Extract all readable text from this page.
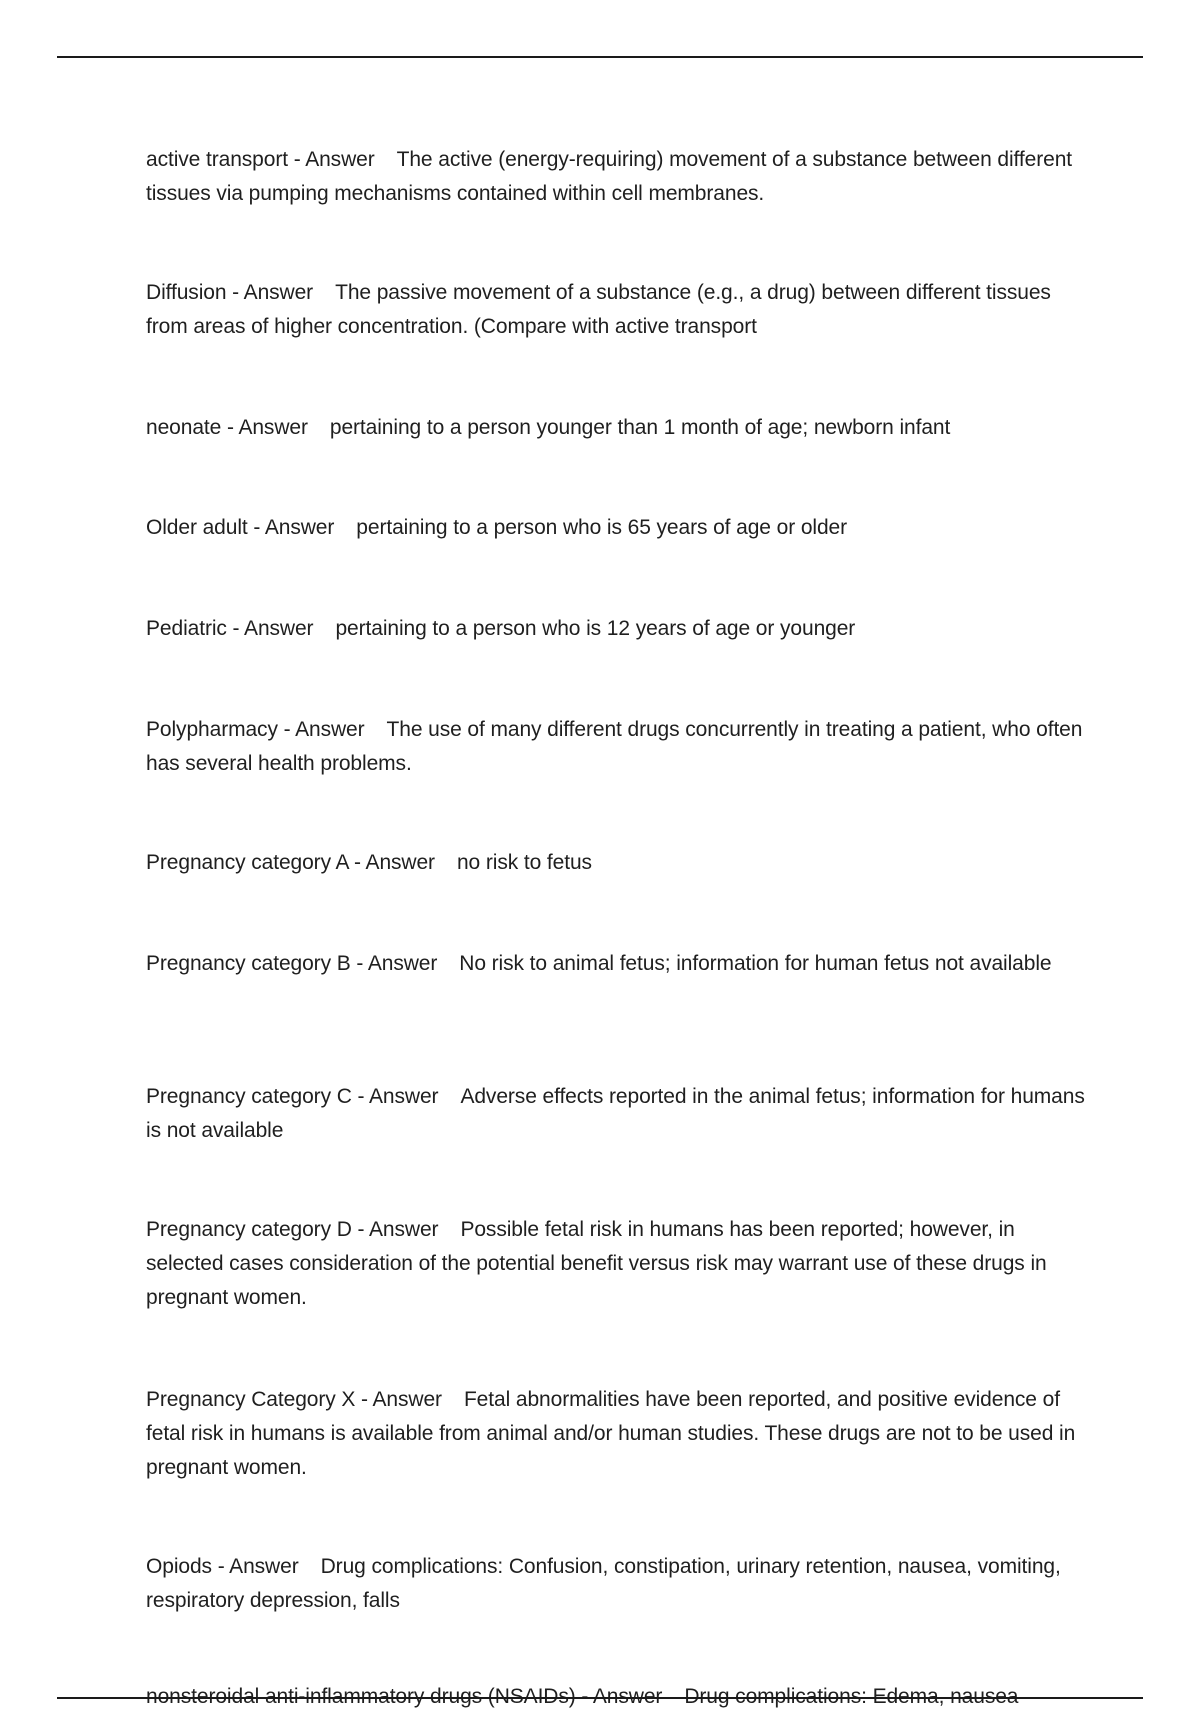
active transport - Answer The active (energy-requiring) movement of a substance between different tissues via pumping mechanisms contained within cell membranes.

Diffusion - Answer The passive movement of a substance (e.g., a drug) between different tissues from areas of higher concentration. (Compare with active transport

neonate - Answer pertaining to a person younger than 1 month of age; newborn infant

Older adult - Answer pertaining to a person who is 65 years of age or older

Pediatric - Answer pertaining to a person who is 12 years of age or younger

Polypharmacy - Answer The use of many different drugs concurrently in treating a patient, who often has several health problems.

Pregnancy category A - Answer no risk to fetus

Pregnancy category B - Answer No risk to animal fetus; information for human fetus not available

Pregnancy category C - Answer Adverse effects reported in the animal fetus; information for humans is not available

Pregnancy category D - Answer Possible fetal risk in humans has been reported; however, in selected cases consideration of the potential benefit versus risk may warrant use of these drugs in pregnant women.

Pregnancy Category X - Answer Fetal abnormalities have been reported, and positive evidence of fetal risk in humans is available from animal and/or human studies. These drugs are not to be used in pregnant women.

Opiods - Answer Drug complications: Confusion, constipation, urinary retention, nausea, vomiting, respiratory depression, falls

nonsteroidal anti-inflammatory drugs (NSAIDs) - Answer Drug complications: Edema, nausea
